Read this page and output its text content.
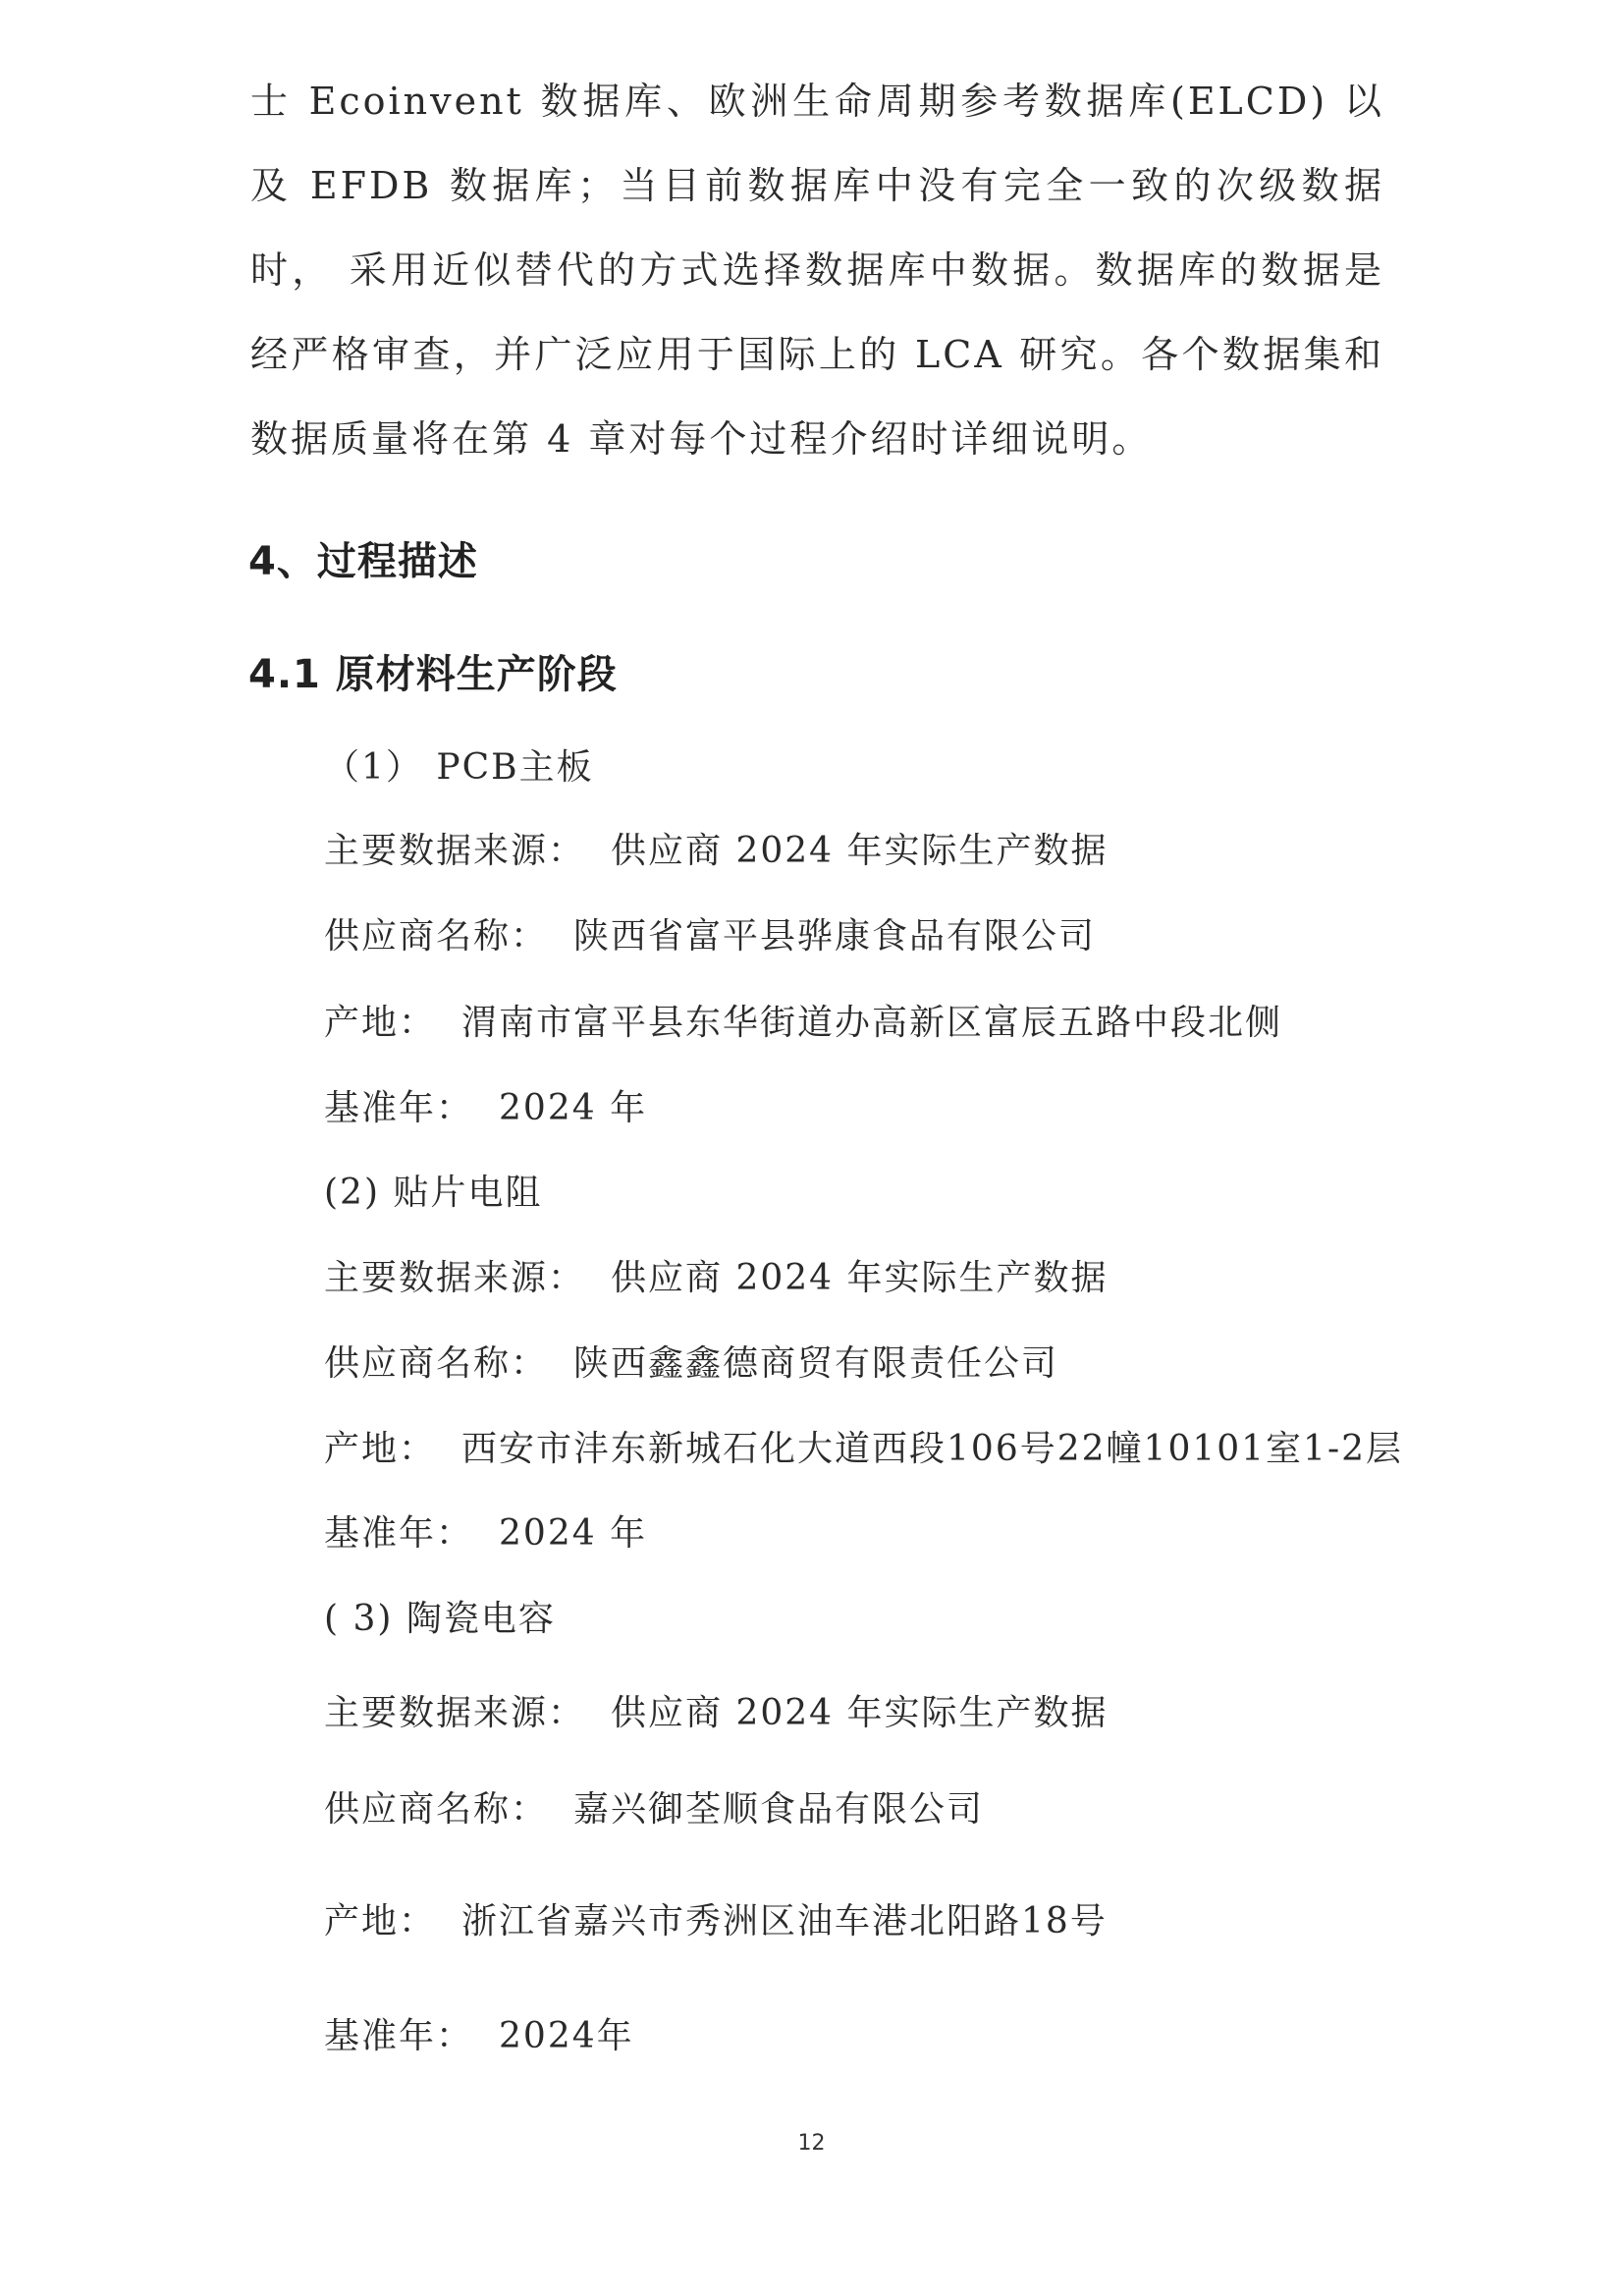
士 Ecoinvent 数据库、欧洲生命周期参考数据库(ELCD) 以及 EFDB 数据库；当目前数据库中没有完全一致的次级数据时， 采用近似替代的方式选择数据库中数据。数据库的数据是经严格审查，并广泛应用于国际上的 LCA 研究。各个数据集和数据质量将在第 4 章对每个过程介绍时详细说明。

4、过程描述
4.1 原材料生产阶段

（1） PCB主板

主要数据来源： 供应商 2024 年实际生产数据

供应商名称： 陕西省富平县骅康食品有限公司

产地： 渭南市富平县东华街道办高新区富辰五路中段北侧

基准年： 2024 年

(2) 贴片电阻

主要数据来源： 供应商 2024 年实际生产数据

供应商名称： 陕西鑫鑫德商贸有限责任公司

产地： 西安市沣东新城石化大道西段106号22幢10101室1-2层

基准年： 2024 年

( 3) 陶瓷电容

主要数据来源： 供应商 2024 年实际生产数据

供应商名称： 嘉兴御荃顺食品有限公司

产地： 浙江省嘉兴市秀洲区油车港北阳路18号

基准年： 2024年

12
